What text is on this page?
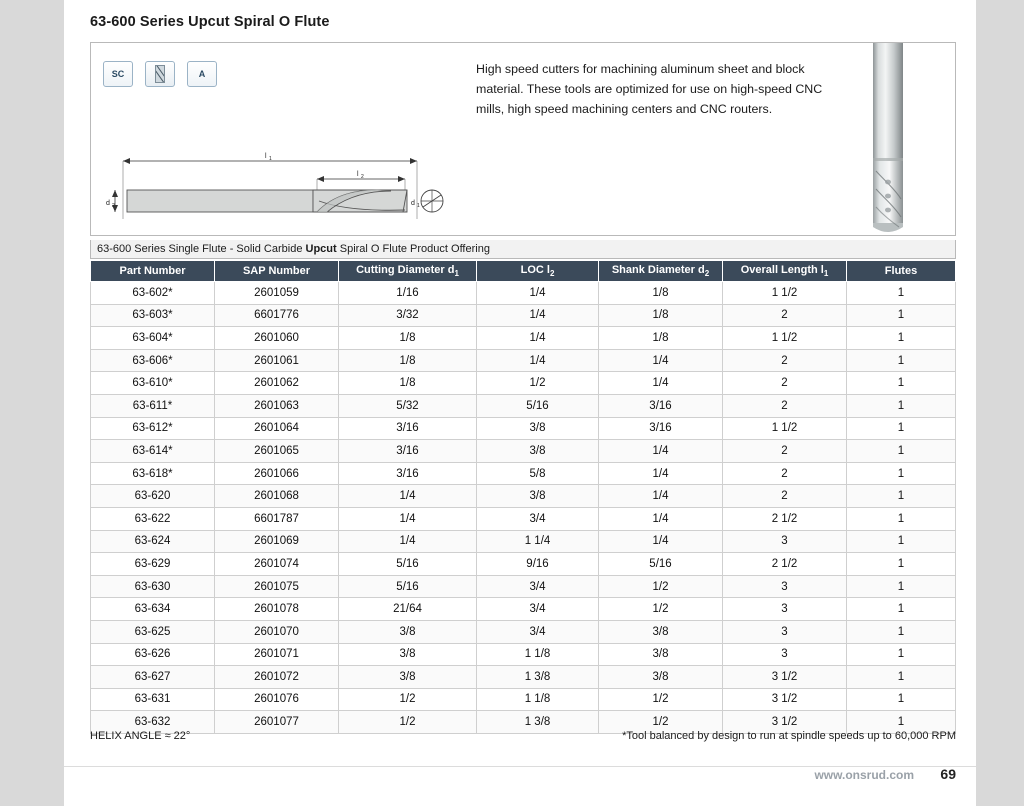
63-600 Series Upcut Spiral O Flute
SC	A	High speed cutters for machining aluminum sheet and block material. These tools are optimized for use on high-speed CNC mills, high speed machining centers and CNC routers.
l 1
l 2
d 2	d 1
63-600 Series Single Flute - Solid Carbide Upcut Spiral O Flute Product Offering
Part Number	SAP Number	Cutting Diameter $d_1$	LOC $l_2$	Shank Diameter $d_2$	Overall Length $l_1$	Flutes
63-602*	2601059	1/16	1/4	1/8	1 1/2	1
63-603*	6601776	3/32	1/4	1/8	2	1
63-604*	2601060	1/8	1/4	1/8	1 1/2	1
63-606*	2601061	1/8	1/4	1/4	2	1
63-610*	2601062	1/8	1/2	1/4	2	1
63-611*	2601063	5/32	5/16	3/16	2	1
63-612*	2601064	3/16	3/8	3/16	1 1/2	1
63-614*	2601065	3/16	3/8	1/4	2	1
63-618*	2601066	3/16	5/8	1/4	2	1
63-620	2601068	1/4	3/8	1/4	2	1
63-622	6601787	1/4	3/4	1/4	2 1/2	1
63-624	2601069	1/4	1 1/4	1/4	3	1
63-629	2601074	5/16	9/16	5/16	2 1/2	1
63-630	2601075	5/16	3/4	1/2	3	1
63-634	2601078	21/64	3/4	1/2	3	1
63-625	2601070	3/8	3/4	3/8	3	1
63-626	2601071	3/8	1 1/8	3/8	3	1
63-627	2601072	3/8	1 3/8	3/8	3 1/2	1
63-631	2601076	1/2	1 1/8	1/2	3 1/2	1
63-632	2601077	1/2	1 3/8	1/2	3 1/2	1
HELIX ANGLE ≈ 22°	*Tool balanced by design to run at spindle speeds up to 60,000 RPM
www.onsrud.com 69
